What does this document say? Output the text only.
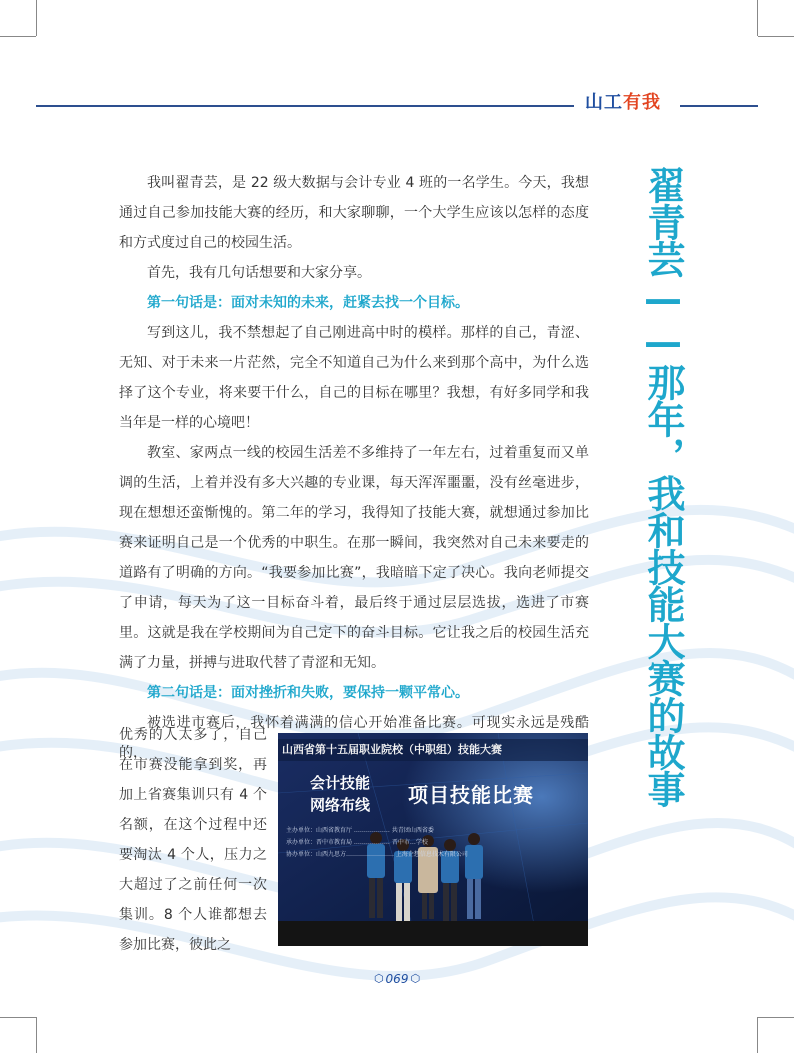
山工有我

我叫翟青芸，是 22 级大数据与会计专业 4 班的一名学生。今天，我想通过自己参加技能大赛的经历，和大家聊聊，一个大学生应该以怎样的态度和方式度过自己的校园生活。

首先，我有几句话想要和大家分享。

第一句话是：面对未知的未来，赶紧去找一个目标。

写到这儿，我不禁想起了自己刚进高中时的模样。那样的自己，青涩、无知、对于未来一片茫然，完全不知道自己为什么来到那个高中，为什么选择了这个专业，将来要干什么，自己的目标在哪里？我想，有好多同学和我当年是一样的心境吧！

教室、家两点一线的校园生活差不多维持了一年左右，过着重复而又单调的生活，上着并没有多大兴趣的专业课，每天浑浑噩噩，没有丝毫进步，现在想想还蛮惭愧的。第二年的学习，我得知了技能大赛，就想通过参加比赛来证明自己是一个优秀的中职生。在那一瞬间，我突然对自己未来要走的道路有了明确的方向。“我要参加比赛”，我暗暗下定了决心。我向老师提交了申请，每天为了这一目标奋斗着，最后终于通过层层选拔，选进了市赛里。这就是我在学校期间为自己定下的奋斗目标。它让我之后的校园生活充满了力量，拼搏与进取代替了青涩和无知。

第二句话是：面对挫折和失败，要保持一颗平常心。

被选进市赛后，我怀着满满的信心开始准备比赛。可现实永远是残酷的，

优秀的人太多了，自己在市赛没能拿到奖，再加上省赛集训只有 4 个名额，在这个过程中还要淘汰 4 个人，压力之大超过了之前任何一次集训。8 个人谁都想去参加比赛，彼此之
山西省第十五届职业院校（中职组）技能大赛
会计技能
网络布线 项目技能比赛
主办单位：山西省教育厅 ……………… 共青团山西省委
承办单位：晋中市教育局 ……………… 晋中市…学校
协办单位：山西九思方…………………… 上海企想信息技术有限公司
翟青芸——那年，我和技能大赛的故事
⬡ 069 ⬡
